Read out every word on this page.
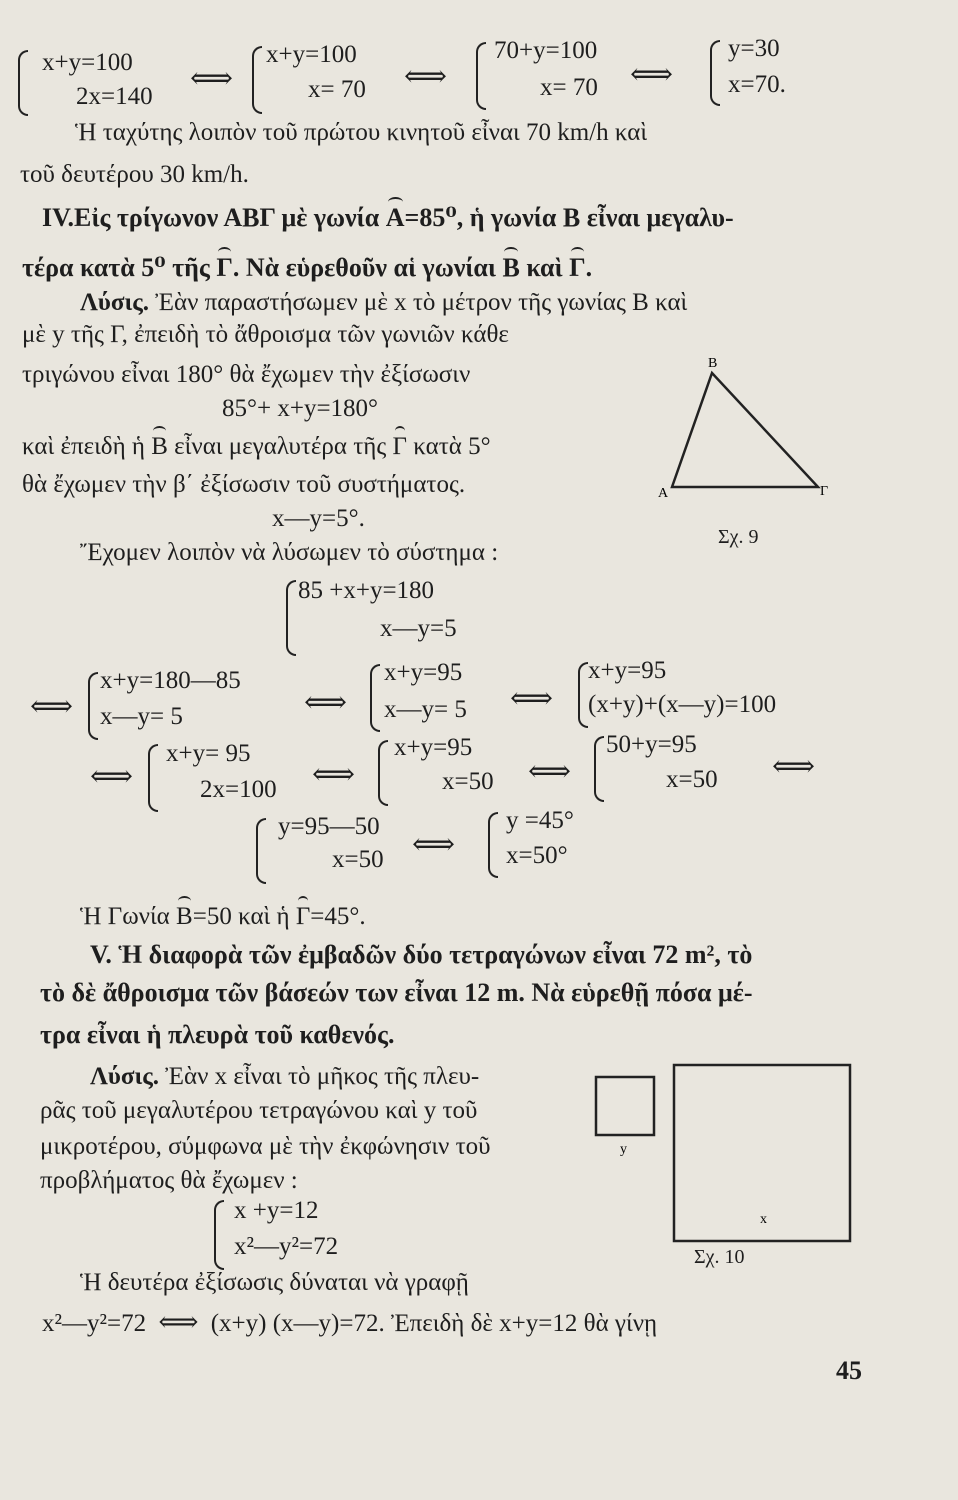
x+y=100
2x=140
⟺
x+y=100
x= 70 ⟺
70+y=100
x= 70 ⟺
y=30
x=70.
Ἡ ταχύτης λοιπὸν τοῦ πρώτου κινητοῦ εἶναι 70 km/h καὶ
τοῦ δευτέρου 30 km/h.
IV.Εἰς τρίγωνον ΑΒΓ μὲ γωνία Α=85⁰, ἡ γωνία Β εἶναι μεγαλυ-
τέρα κατὰ 5⁰ τῆς Γ. Νὰ εὑρεθοῦν αἱ γωνίαι Β καὶ Γ.
Λύσις. Ἐὰν παραστήσωμεν μὲ x τὸ μέτρον τῆς γωνίας Β καὶ
μὲ y τῆς Γ, ἐπειδὴ τὸ ἄθροισμα τῶν γωνιῶν κάθε
τριγώνου εἶναι 180° θὰ ἔχωμεν τὴν ἐξίσωσιν
85°+ x+y=180°
καὶ ἐπειδὴ ἡ Β εἶναι μεγαλυτέρα τῆς Γ κατὰ 5°
θὰ ἔχωμεν τὴν β΄ ἐξίσωσιν τοῦ συστήματος.
x—y=5°.
Ἔχομεν λοιπὸν νὰ λύσωμεν τὸ σύστημα :
85 +x+y=180
x—y=5
⟺
x+y=180—85
x—y= 5	⟺
x+y=95
x—y= 5 ⟺
x+y=95
(x+y)+(x—y)=100
⟺
x+y= 95
2x=100 ⟺
x+y=95
x=50 ⟺
50+y=95
x=50 ⟺
y=95—50
x=50 ⟺
y =45°
x=50°
Ἡ Γωνία Β=50 καὶ ἡ Γ=45°.
Β
Α	Γ
Σχ. 9
V. Ἡ διαφορὰ τῶν ἐμβαδῶν δύο τετραγώνων εἶναι 72 m², τὸ
τὸ δὲ ἄθροισμα τῶν βάσεών των εἶναι 12 m. Νὰ εὑρεθῇ πόσα μέ-
τρα εἶναι ἡ πλευρὰ τοῦ καθενός.
Λύσις. Ἐὰν x εἶναι τὸ μῆκος τῆς πλευ-
ρᾶς τοῦ μεγαλυτέρου τετραγώνου καὶ y τοῦ
μικροτέρου, σύμφωνα μὲ τὴν ἐκφώνησιν τοῦ
προβλήματος θὰ ἔχωμεν :
x +y=12
x²—y²=72
Ἡ δευτέρα ἐξίσωσις δύναται νὰ γραφῇ
x²—y²=72 ⟺ (x+y) (x—y)=72. Ἐπειδὴ δὲ x+y=12 θὰ γίνῃ
y
x
Σχ. 10
45
